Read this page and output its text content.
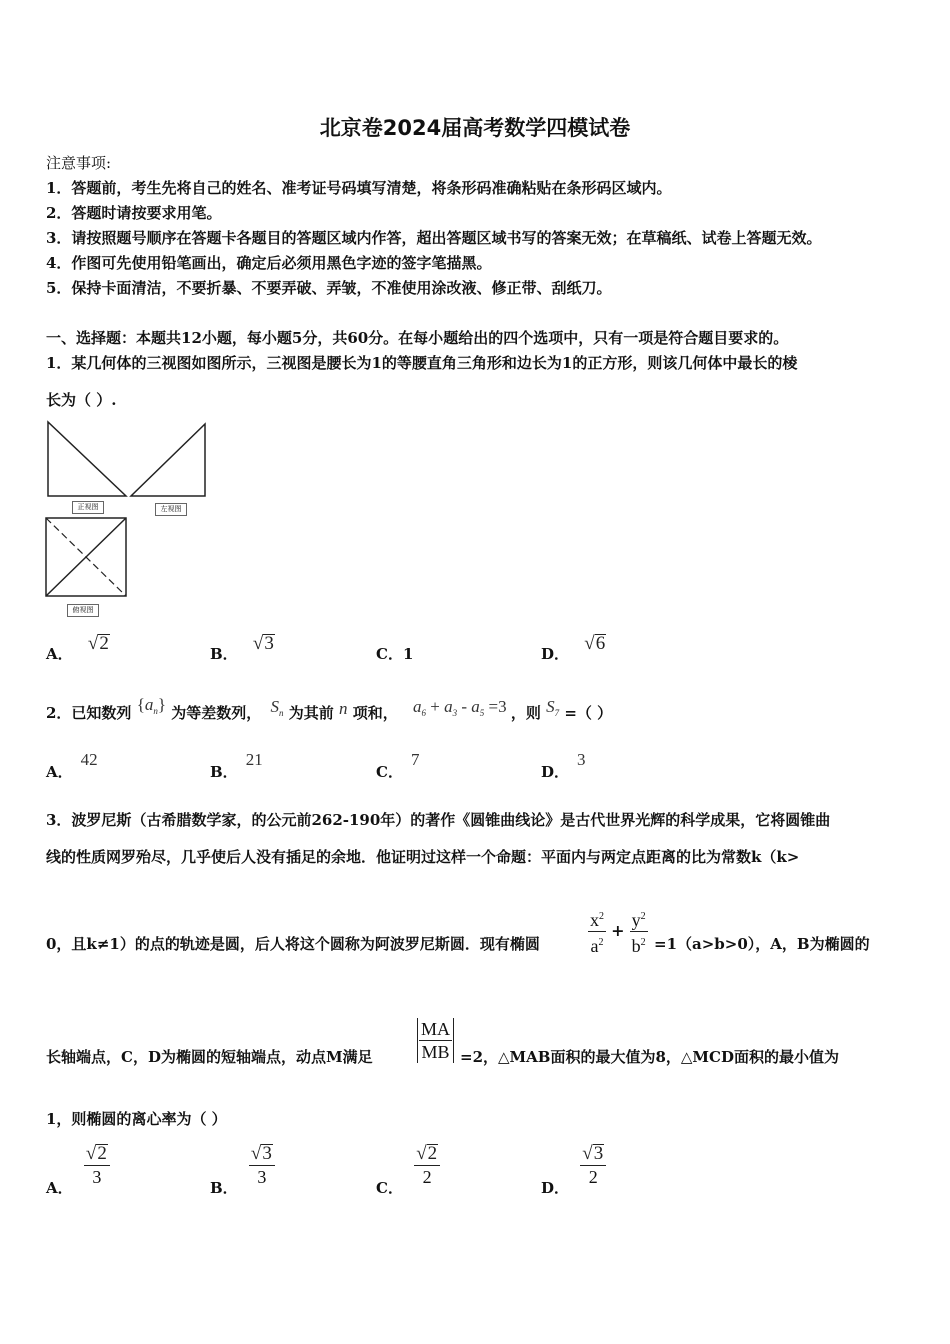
北京卷2024届高考数学四模试卷
注意事项:
1．答题前，考生先将自己的姓名、准考证号码填写清楚，将条形码准确粘贴在条形码区域内。
2．答题时请按要求用笔。
3．请按照题号顺序在答题卡各题目的答题区域内作答，超出答题区域书写的答案无效；在草稿纸、试卷上答题无效。
4．作图可先使用铅笔画出，确定后必须用黑色字迹的签字笔描黑。
5．保持卡面清洁，不要折暴、不要弄破、弄皱，不准使用涂改液、修正带、刮纸刀。
一、选择题：本题共12小题，每小题5分，共60分。在每小题给出的四个选项中，只有一项是符合题目要求的。
1．某几何体的三视图如图所示，三视图是腰长为1的等腰直角三角形和边长为1的正方形，则该几何体中最长的棱
长为（ ）.
正视图	左视图
俯视图
A． √2	B． √3	C．1	D． √6
2．已知数列 $\{a_n\}$ 为等差数列， $S_n$ 为其前 n 项和， $a_6 + a_3 - a_5 =3$ ，则 $S_7$ =（ ）
A．42
B．21
C．7
D．3
3．波罗尼斯（古希腊数学家，的公元前262-190年）的著作《圆锥曲线论》是古代世界光辉的科学成果，它将圆锥曲
线的性质网罗殆尽，几乎使后人没有插足的余地．他证明过这样一个命题：平面内与两定点距离的比为常数k（k>
0，且k≠1）的点的轨迹是圆，后人将这个圆称为阿波罗尼斯圆．现有椭圆	$\frac{x^2}{a^2} + \frac{y^2}{b^2} =1(a>b>0)$，A，B为椭圆的
长轴端点，C，D为椭圆的短轴端点，动点M满足 $\frac{MA}{MB} =2$，△MAB面积的最大值为8，△MCD面积的最小值为
1，则椭圆的离心率为（ ）
A． $\frac{√2}{3}$	B． $\frac{√3}{3}$	C． $\frac{√2}{2}$	D． $\frac{√3}{2}$
